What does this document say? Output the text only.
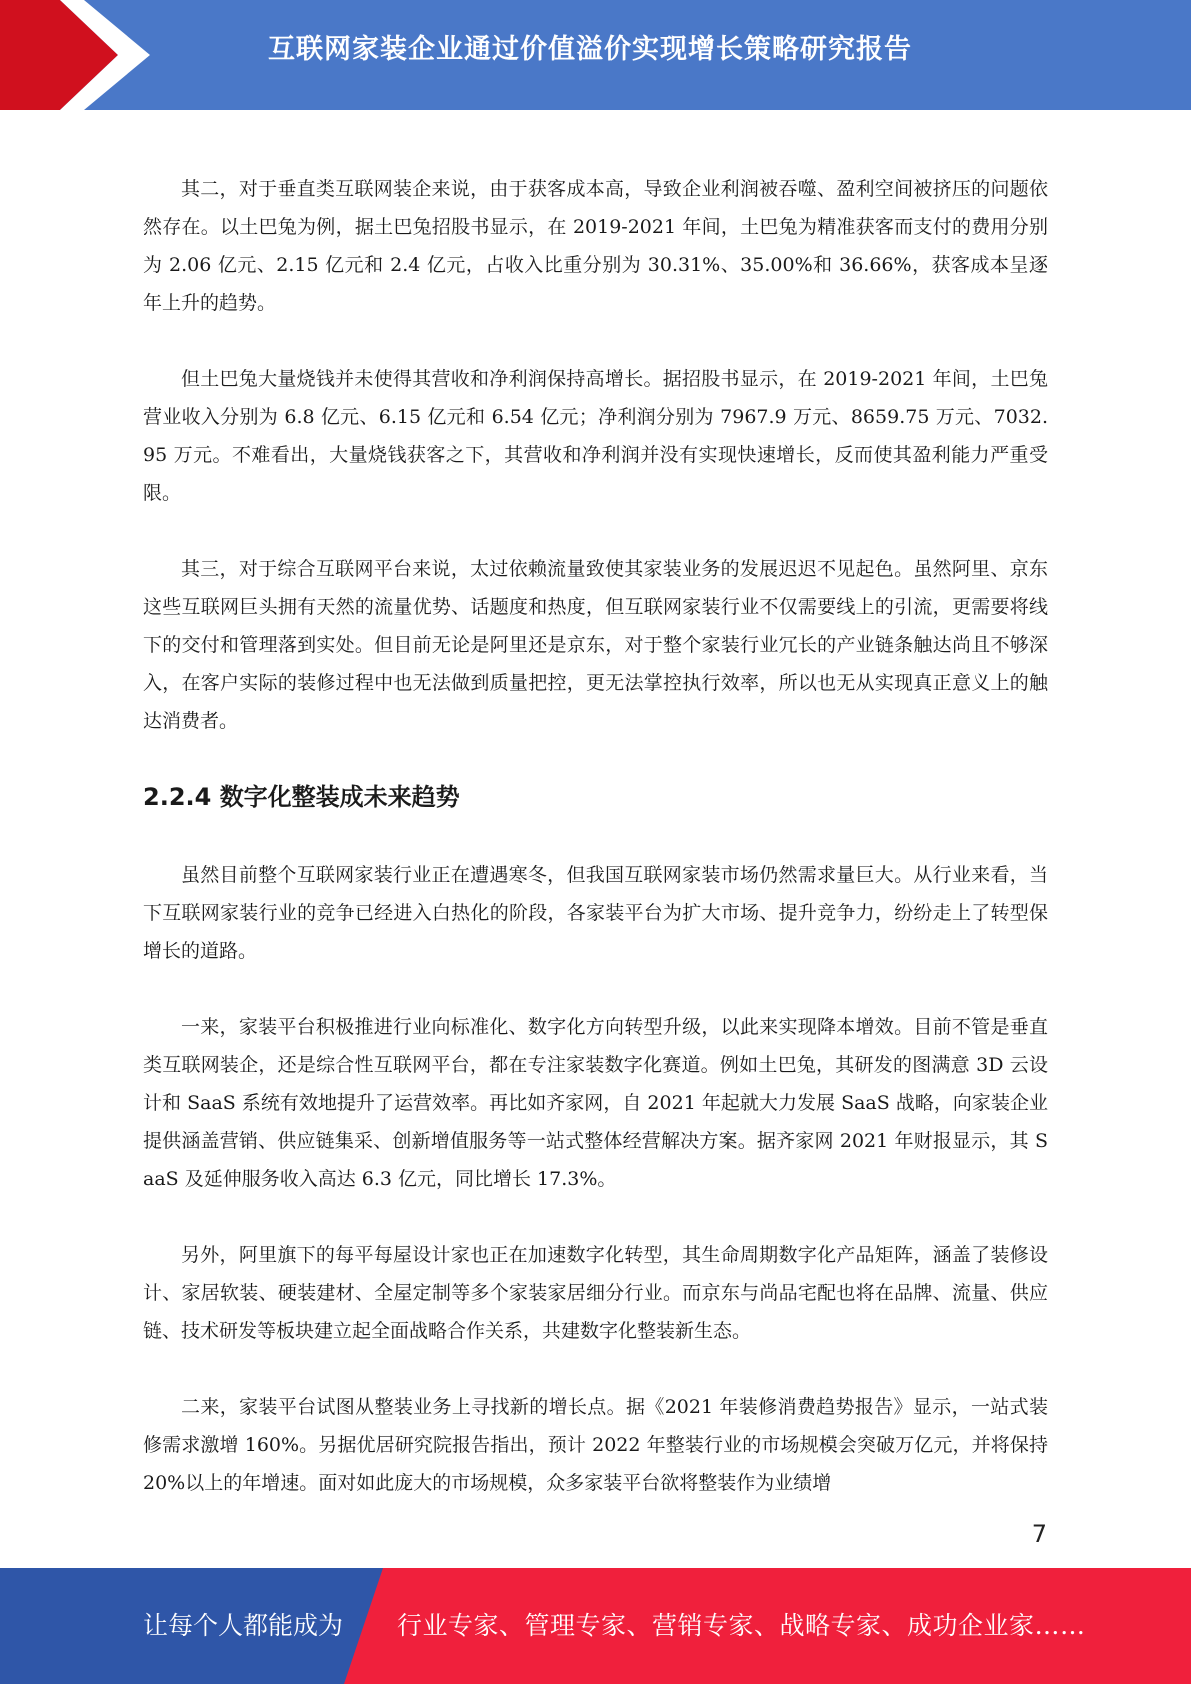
互联网家装企业通过价值溢价实现增长策略研究报告

其二，对于垂直类互联网装企来说，由于获客成本高，导致企业利润被吞噬、盈利空间被挤压的问题依然存在。以土巴兔为例，据土巴兔招股书显示，在 2019-2021 年间，土巴兔为精准获客而支付的费用分别为 2.06 亿元、2.15 亿元和 2.4 亿元，占收入比重分别为 30.31%、35.00%和 36.66%，获客成本呈逐年上升的趋势。

但土巴兔大量烧钱并未使得其营收和净利润保持高增长。据招股书显示，在 2019-2021 年间，土巴兔营业收入分别为 6.8 亿元、6.15 亿元和 6.54 亿元；净利润分别为 7967.9 万元、8659.75 万元、7032.95 万元。不难看出，大量烧钱获客之下，其营收和净利润并没有实现快速增长，反而使其盈利能力严重受限。

其三，对于综合互联网平台来说，太过依赖流量致使其家装业务的发展迟迟不见起色。虽然阿里、京东这些互联网巨头拥有天然的流量优势、话题度和热度，但互联网家装行业不仅需要线上的引流，更需要将线下的交付和管理落到实处。但目前无论是阿里还是京东，对于整个家装行业冗长的产业链条触达尚且不够深入，在客户实际的装修过程中也无法做到质量把控，更无法掌控执行效率，所以也无从实现真正意义上的触达消费者。

2.2.4 数字化整装成未来趋势

虽然目前整个互联网家装行业正在遭遇寒冬，但我国互联网家装市场仍然需求量巨大。从行业来看，当下互联网家装行业的竞争已经进入白热化的阶段，各家装平台为扩大市场、提升竞争力，纷纷走上了转型保增长的道路。

一来，家装平台积极推进行业向标准化、数字化方向转型升级，以此来实现降本增效。目前不管是垂直类互联网装企，还是综合性互联网平台，都在专注家装数字化赛道。例如土巴兔，其研发的图满意 3D 云设计和 SaaS 系统有效地提升了运营效率。再比如齐家网，自 2021 年起就大力发展 SaaS 战略，向家装企业提供涵盖营销、供应链集采、创新增值服务等一站式整体经营解决方案。据齐家网 2021 年财报显示，其 SaaS 及延伸服务收入高达 6.3 亿元，同比增长 17.3%。

另外，阿里旗下的每平每屋设计家也正在加速数字化转型，其生命周期数字化产品矩阵，涵盖了装修设计、家居软装、硬装建材、全屋定制等多个家装家居细分行业。而京东与尚品宅配也将在品牌、流量、供应链、技术研发等板块建立起全面战略合作关系，共建数字化整装新生态。

二来，家装平台试图从整装业务上寻找新的增长点。据《2021 年装修消费趋势报告》显示，一站式装修需求激增 160%。另据优居研究院报告指出，预计 2022 年整装行业的市场规模会突破万亿元，并将保持 20%以上的年增速。面对如此庞大的市场规模，众多家装平台欲将整装作为业绩增

7
让每个人都能成为 行业专家、管理专家、营销专家、战略专家、成功企业家……
